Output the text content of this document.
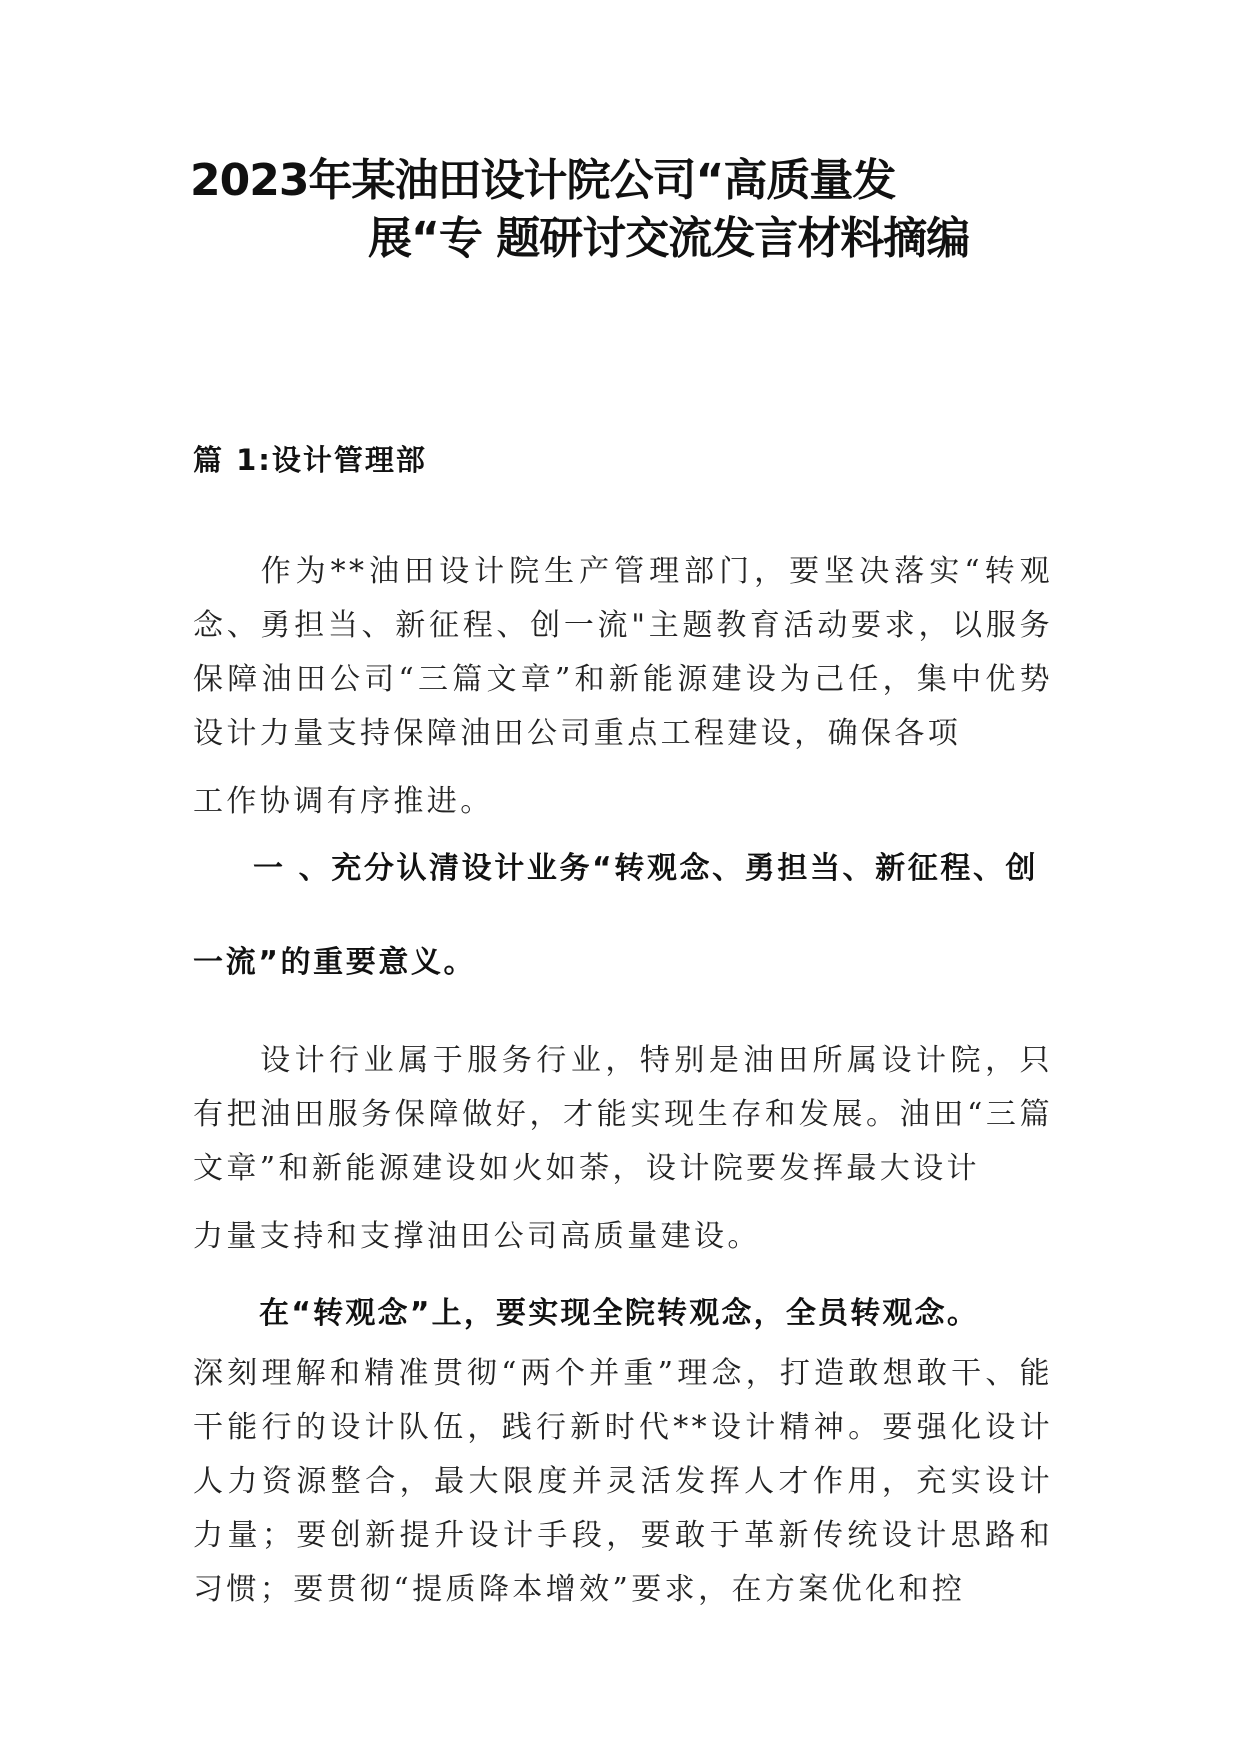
2023年某油田设计院公司“高质量发
展“专 题研讨交流发言材料摘编
篇 1:设计管理部

作为**油田设计院生产管理部门，要坚决落实“转观念、勇担当、新征程、创一流"主题教育活动要求，以服务保障油田公司“三篇文章”和新能源建设为己任，集中优势设计力量支持保障油田公司重点工程建设，确保各项
工作协调有序推进。

一 、充分认清设计业务“转观念、勇担当、新征程、创一流”的重要意义。

设计行业属于服务行业，特别是油田所属设计院，只有把油田服务保障做好，才能实现生存和发展。油田“三篇文章”和新能源建设如火如荼，设计院要发挥最大设计
力量支持和支撑油田公司高质量建设。

在“转观念”上，要实现全院转观念，全员转观念。

深刻理解和精准贯彻“两个并重”理念，打造敢想敢干、能干能行的设计队伍，践行新时代**设计精神。要强化设计人力资源整合，最大限度并灵活发挥人才作用，充实设计力量；要创新提升设计手段，要敢于革新传统设计思路和习惯；要贯彻“提质降本增效”要求，在方案优化和控
